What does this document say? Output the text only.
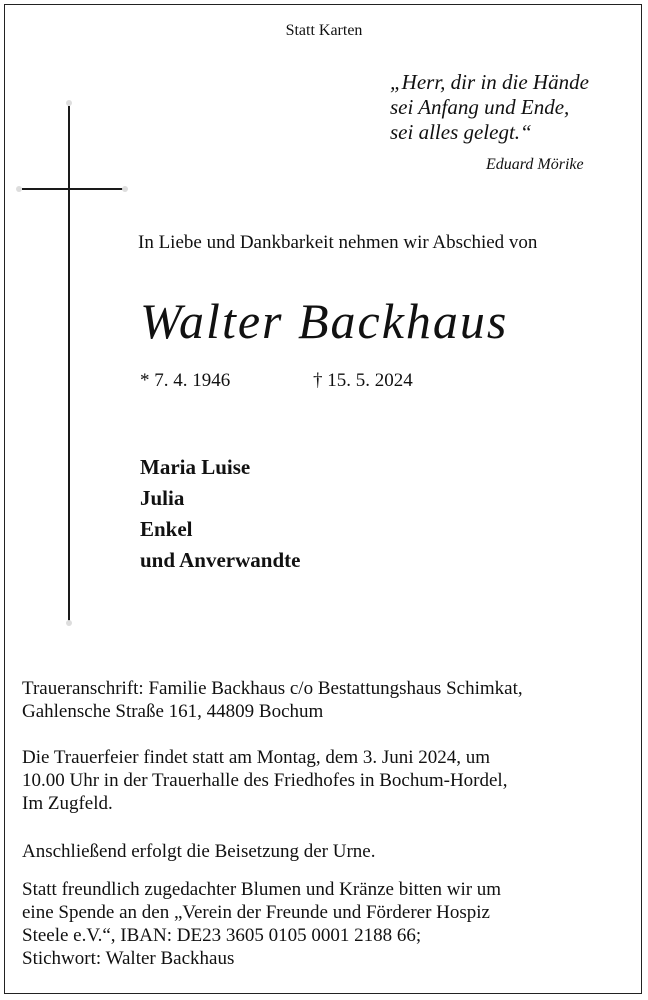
Statt Karten
„Herr, dir in die Hände
sei Anfang und Ende,
sei alles gelegt.“
Eduard Mörike
In Liebe und Dankbarkeit nehmen wir Abschied von
Walter Backhaus
* 7. 4. 1946	† 15. 5. 2024
Maria Luise
Julia
Enkel
und Anverwandte
Traueranschrift: Familie Backhaus c/o Bestattungshaus Schimkat,
Gahlensche Straße 161, 44809 Bochum
Die Trauerfeier findet statt am Montag, dem 3. Juni 2024, um
10.00 Uhr in der Trauerhalle des Friedhofes in Bochum-Hordel,
Im Zugfeld.
Anschließend erfolgt die Beisetzung der Urne.
Statt freundlich zugedachter Blumen und Kränze bitten wir um
eine Spende an den „Verein der Freunde und Förderer Hospiz
Steele e.V.“, IBAN: DE23 3605 0105 0001 2188 66;
Stichwort: Walter Backhaus
